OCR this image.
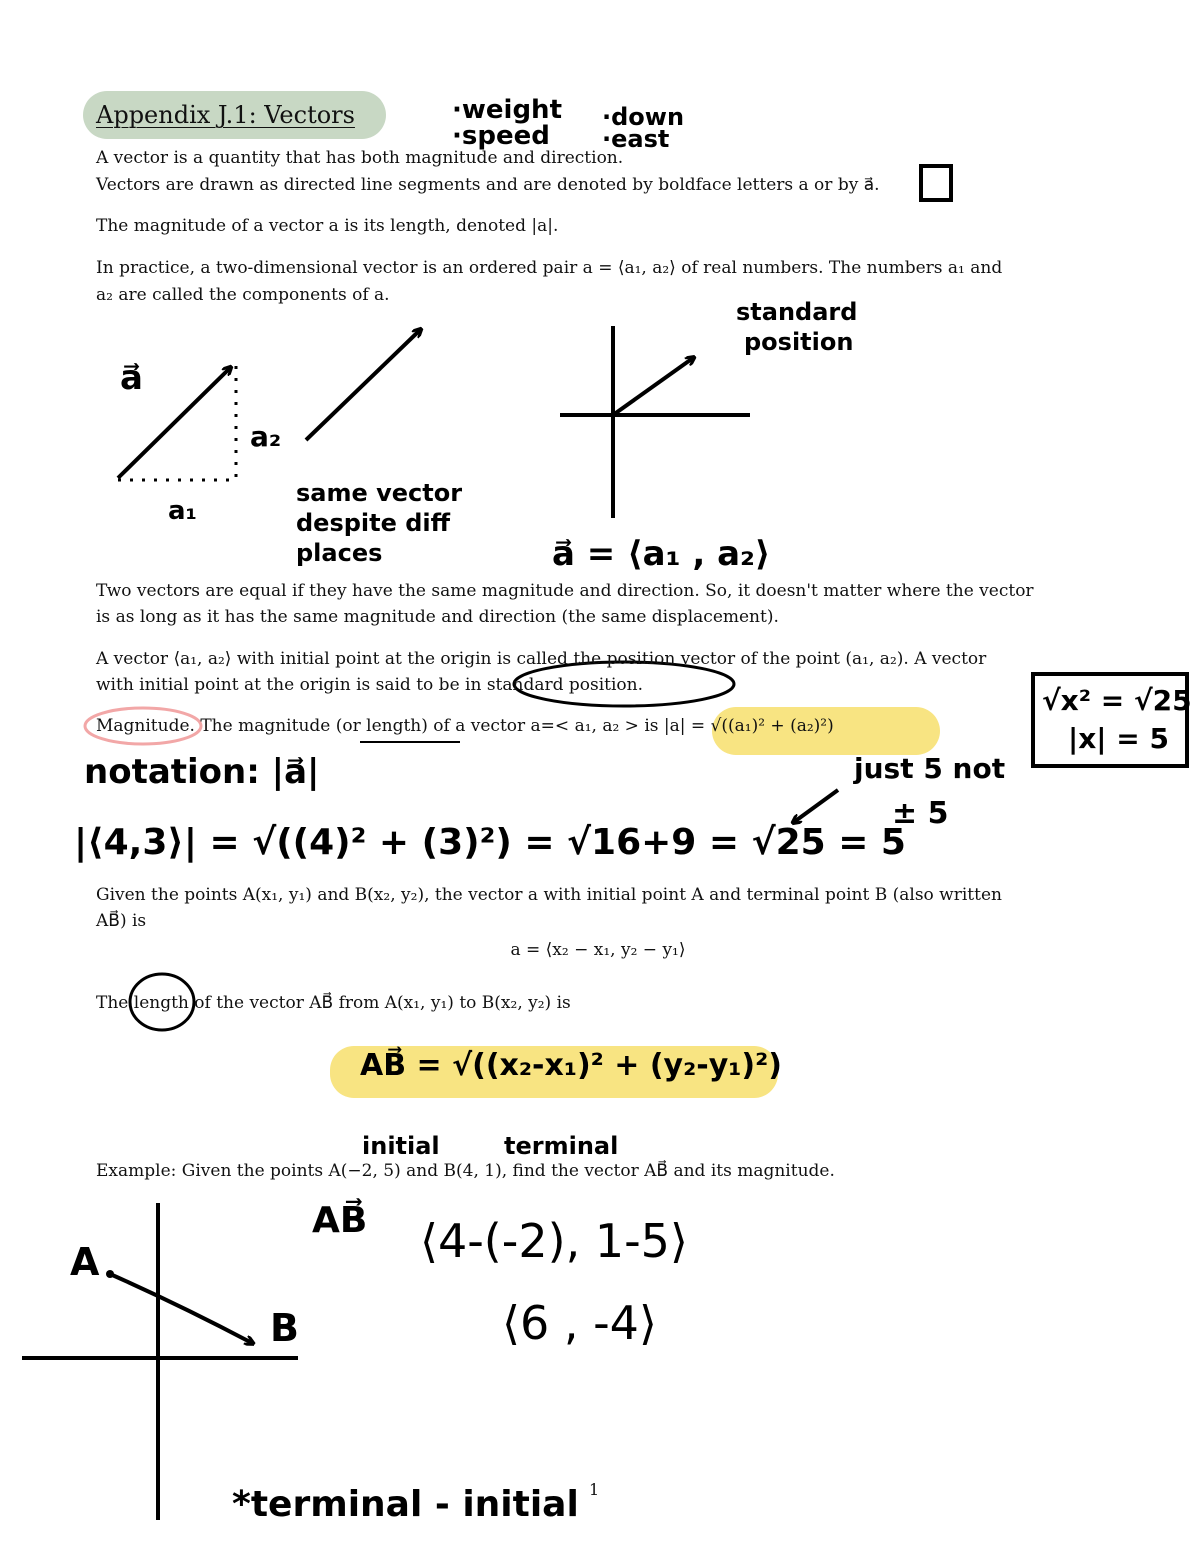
Appendix J.1: Vectors	·weight
·speed
·down
·east

A vector is a quantity that has both magnitude and direction.

Vectors are drawn as directed line segments and are denoted by boldface letters a or by a⃗.

The magnitude of a vector a is its length, denoted |a|.

In practice, a two-dimensional vector is an ordered pair a = ⟨a₁, a₂⟩ of real numbers. The numbers a₁ and

a₂ are called the components of a.

a⃗
a₂
a₁
same vector
despite diff
places
standard
position
a⃗ = ⟨a₁ , a₂⟩

Two vectors are equal if they have the same magnitude and direction. So, it doesn't matter where the vector

is as long as it has the same magnitude and direction (the same displacement).

A vector ⟨a₁, a₂⟩ with initial point at the origin is called the position vector of the point (a₁, a₂). A vector

with initial point at the origin is said to be in standard position.

Magnitude. The magnitude (or length) of a vector a=< a₁, a₂ > is |a| = √((a₁)² + (a₂)²)

√x² = √25
|x| = 5
notation: |a⃗|	just 5 not
± 5
|⟨4,3⟩| = √((4)² + (3)²) = √16+9 = √25 = 5

Given the points A(x₁, y₁) and B(x₂, y₂), the vector a with initial point A and terminal point B (also written

AB⃗) is

a = ⟨x₂ − x₁, y₂ − y₁⟩

The length of the vector AB⃗ from A(x₁, y₁) to B(x₂, y₂) is

AB⃗ = √((x₂-x₁)² + (y₂-y₁)²)
initial	terminal

Example: Given the points A(−2, 5) and B(4, 1), find the vector AB⃗ and its magnitude.

AB⃗ ⟨4-(-2), 1-5⟩
⟨6 , -4⟩
A
B
*terminal - initial 1
